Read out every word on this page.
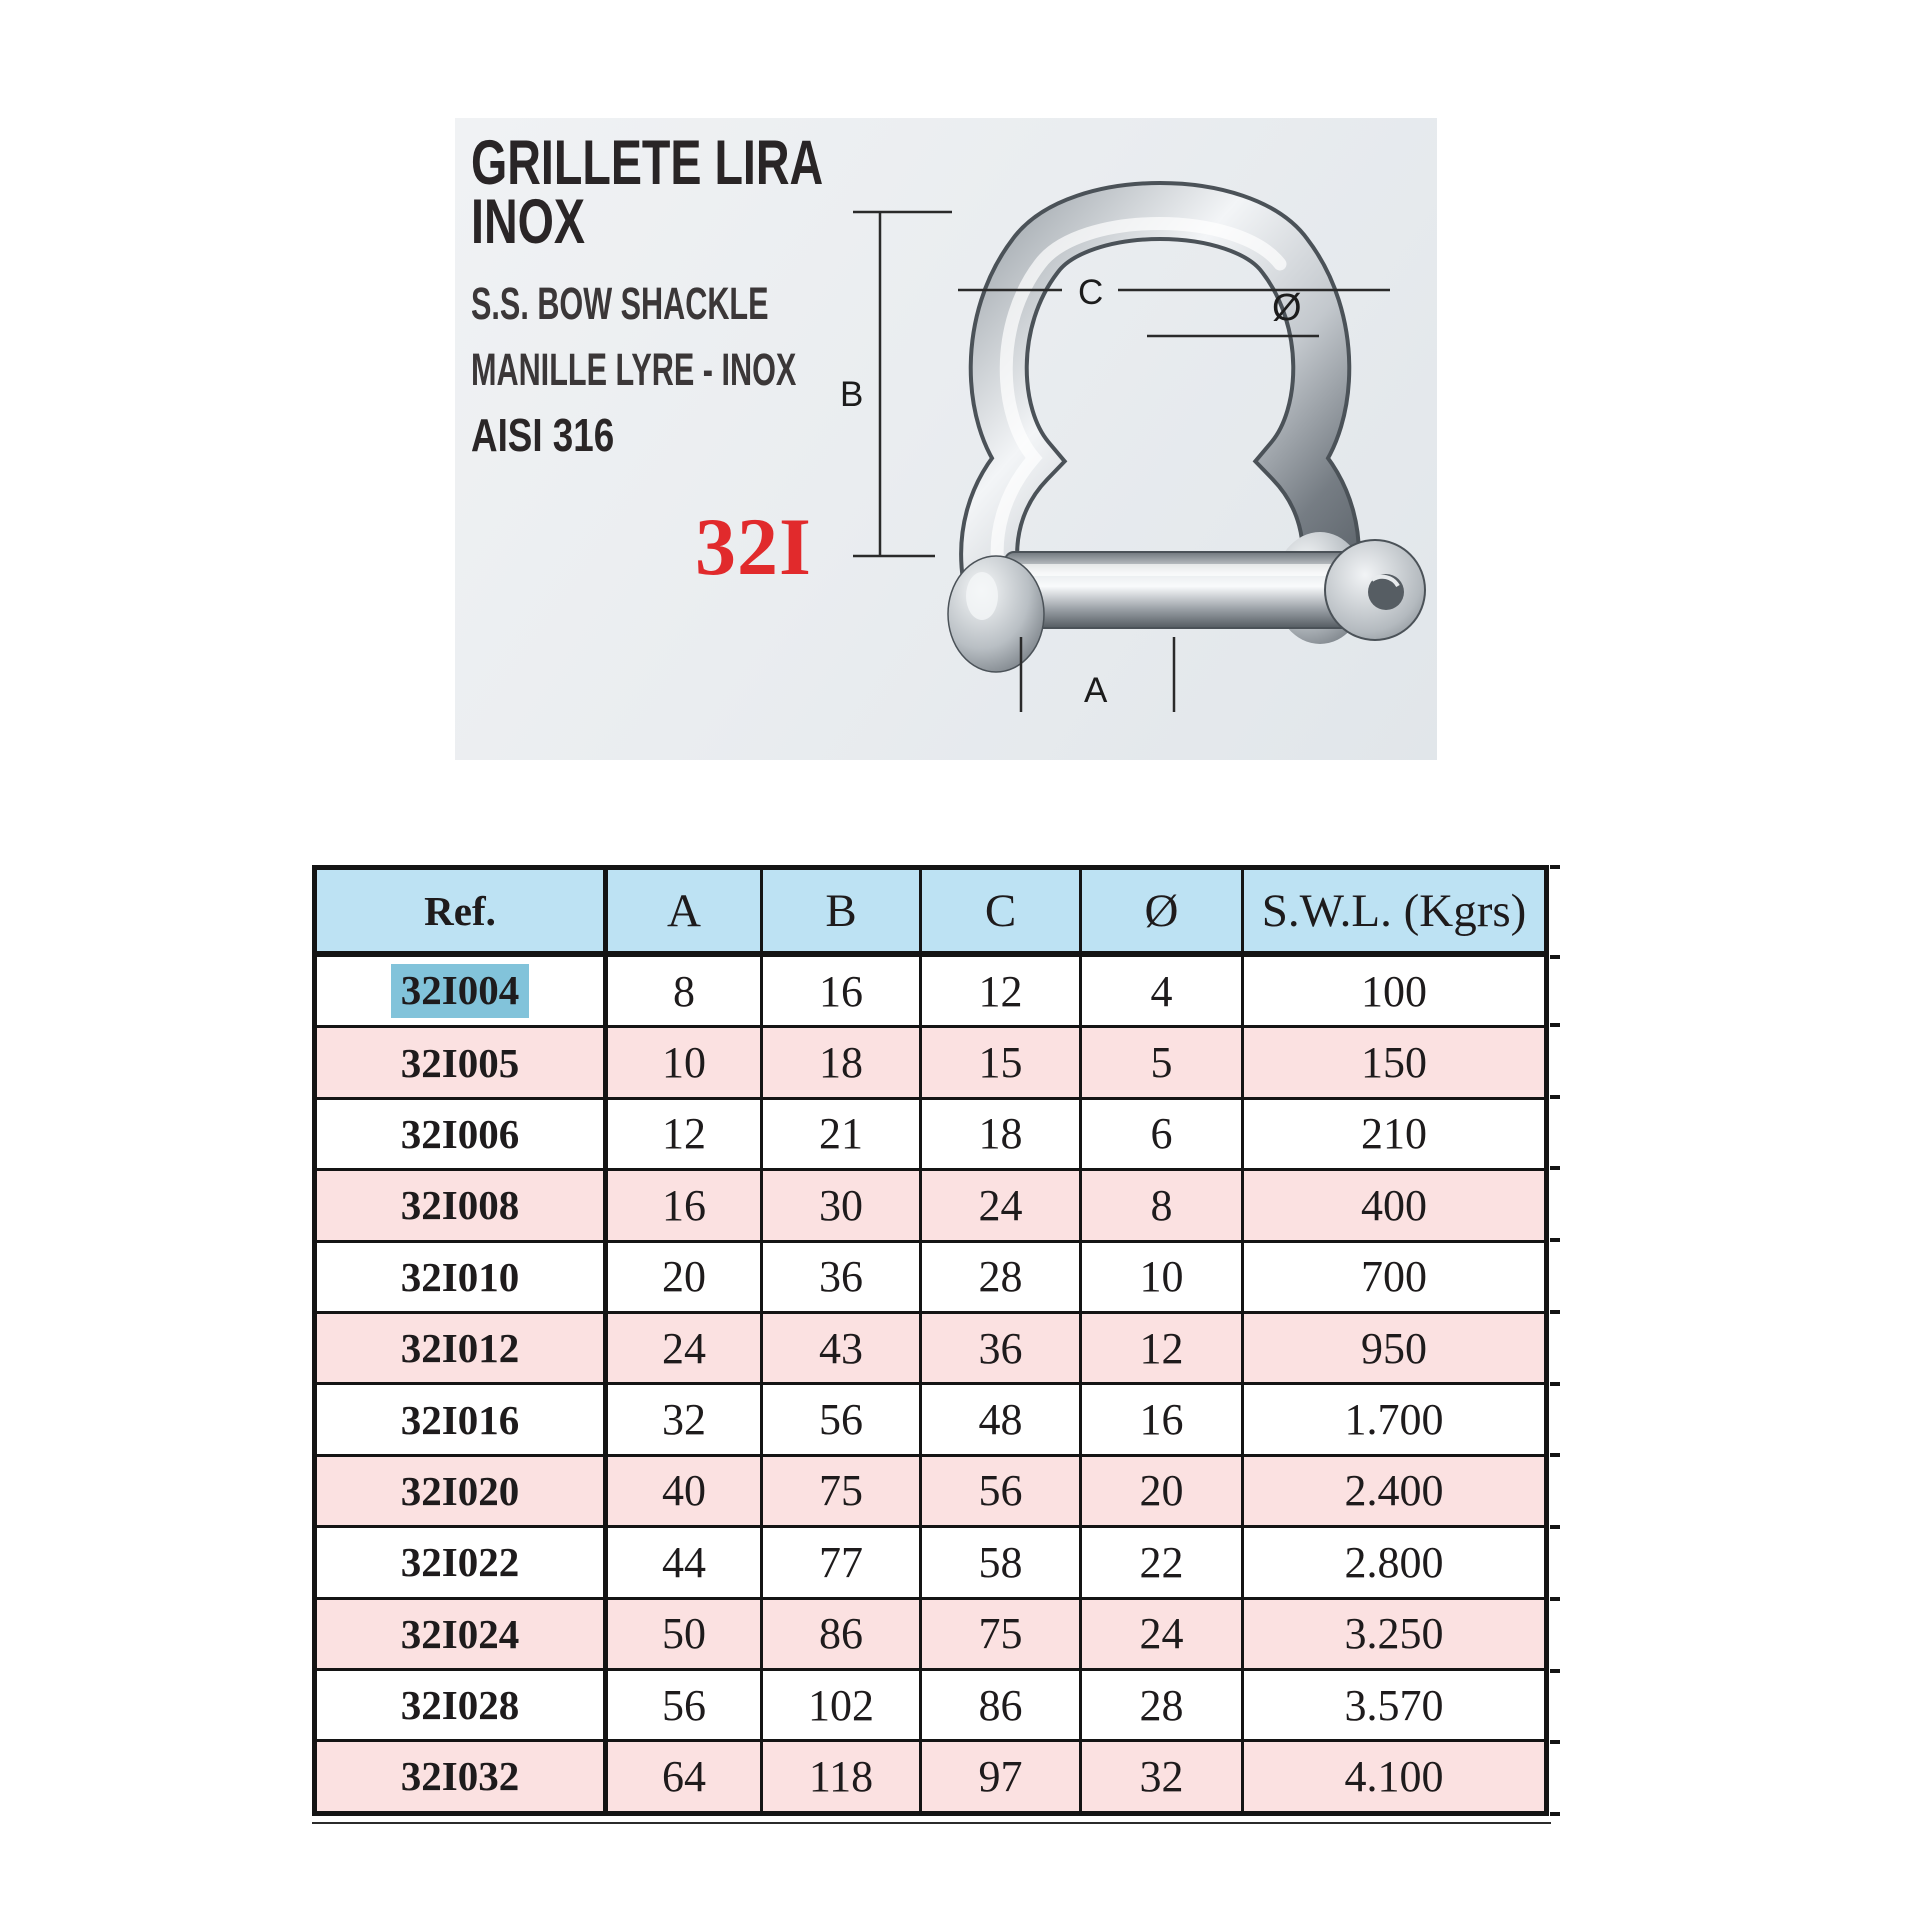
GRILLETE LIRA
INOX
S.S. BOW SHACKLE
MANILLE LYRE - INOX
AISI 316
32I
B
C	Ø
A
Ref.	A	B	C	Ø	S.W.L. (Kgrs)
32I004	8	16	12	4	100
32I005	10	18	15	5	150
32I006	12	21	18	6	210
32I008	16	30	24	8	400
32I010	20	36	28	10	700
32I012	24	43	36	12	950
32I016	32	56	48	16	1.700
32I020	40	75	56	20	2.400
32I022	44	77	58	22	2.800
32I024	50	86	75	24	3.250
32I028	56	102	86	28	3.570
32I032	64	118	97	32	4.100
